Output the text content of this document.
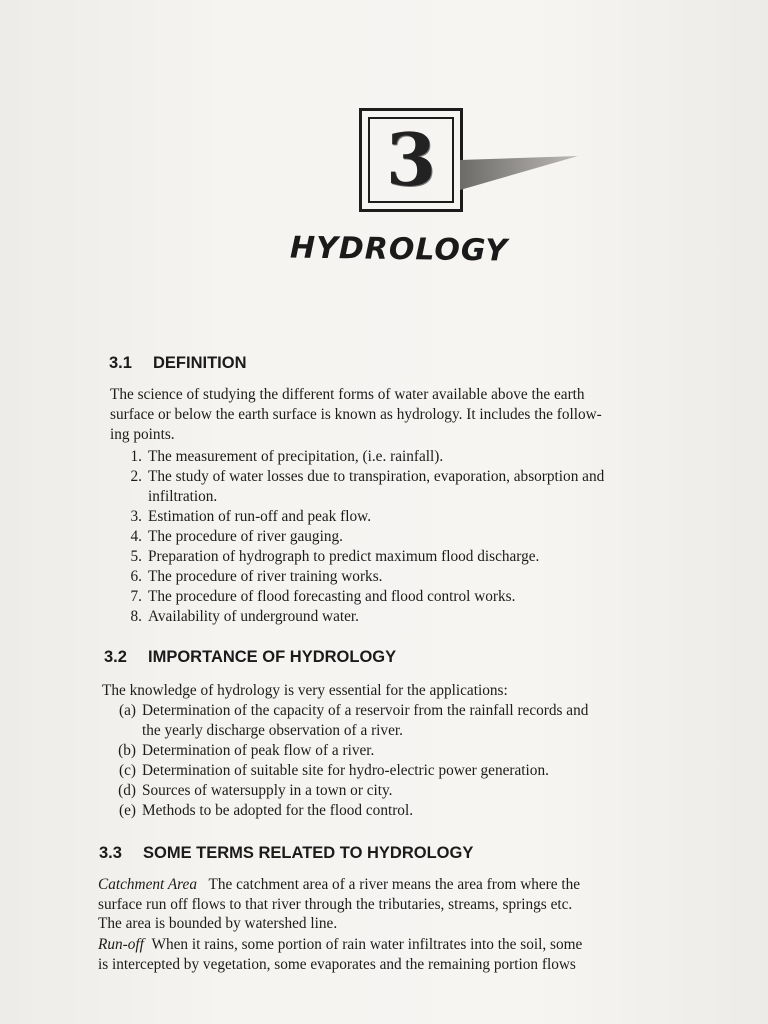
3
HYDROLOGY
3.1 DEFINITION
The science of studying the different forms of water available above the earth
surface or below the earth surface is known as hydrology. It includes the follow-
ing points.
1. The measurement of precipitation, (i.e. rainfall).
2. The study of water losses due to transpiration, evaporation, absorption and
infiltration.
3. Estimation of run-off and peak flow.
4. The procedure of river gauging.
5. Preparation of hydrograph to predict maximum flood discharge.
6. The procedure of river training works.
7. The procedure of flood forecasting and flood control works.
8. Availability of underground water.
3.2 IMPORTANCE OF HYDROLOGY
The knowledge of hydrology is very essential for the applications:
(a) Determination of the capacity of a reservoir from the rainfall records and
the yearly discharge observation of a river.
(b) Determination of peak flow of a river.
(c) Determination of suitable site for hydro-electric power generation.
(d) Sources of watersupply in a town or city.
(e) Methods to be adopted for the flood control.
3.3 SOME TERMS RELATED TO HYDROLOGY
Catchment Area The catchment area of a river means the area from where the
surface run off flows to that river through the tributaries, streams, springs etc.
The area is bounded by watershed line.
Run-off When it rains, some portion of rain water infiltrates into the soil, some
is intercepted by vegetation, some evaporates and the remaining portion flows
